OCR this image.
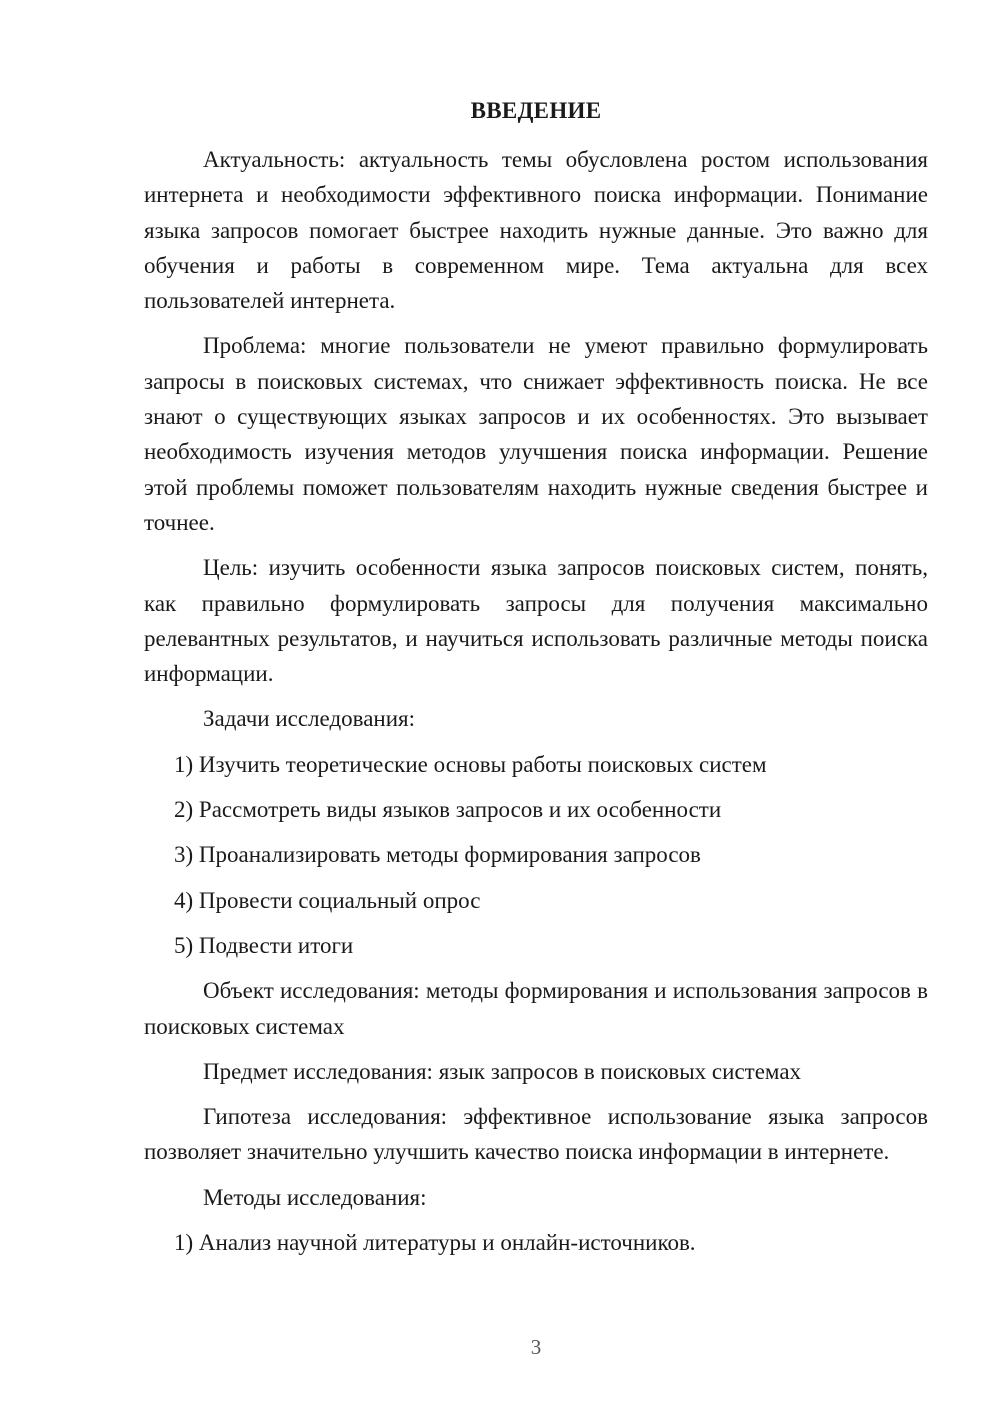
ВВЕДЕНИЕ

Актуальность: актуальность темы обусловлена ростом использования интернета и необходимости эффективного поиска информации. Понимание языка запросов помогает быстрее находить нужные данные. Это важно для обучения и работы в современном мире. Тема актуальна для всех пользователей интернета.

Проблема: многие пользователи не умеют правильно формулировать запросы в поисковых системах, что снижает эффективность поиска. Не все знают о существующих языках запросов и их особенностях. Это вызывает необходимость изучения методов улучшения поиска информации. Решение этой проблемы поможет пользователям находить нужные сведения быстрее и точнее.

Цель: изучить особенности языка запросов поисковых систем, понять, как правильно формулировать запросы для получения максимально релевантных результатов, и научиться использовать различные методы поиска информации.

Задачи исследования:

1) Изучить теоретические основы работы поисковых систем
2) Рассмотреть виды языков запросов и их особенности
3) Проанализировать методы формирования запросов
4) Провести социальный опрос
5) Подвести итоги

Объект исследования: методы формирования и использования запросов в поисковых системах

Предмет исследования: язык запросов в поисковых системах

Гипотеза исследования: эффективное использование языка запросов позволяет значительно улучшить качество поиска информации в интернете.

Методы исследования:

1) Анализ научной литературы и онлайн-источников.
3
